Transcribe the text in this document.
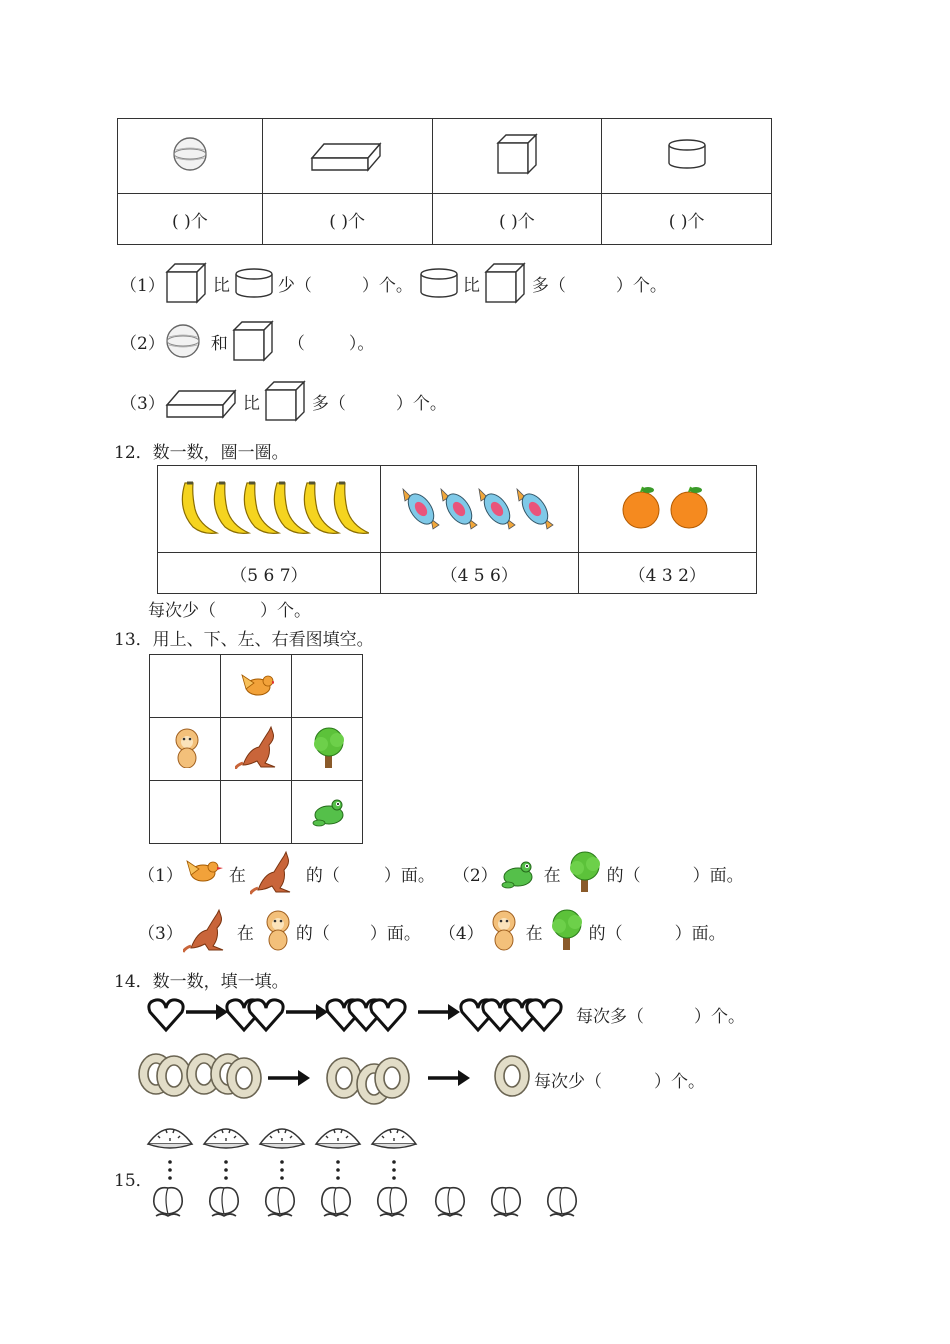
( )个	( )个	( )个	( )个
（1）	比	少（	）个。	比	多（	）个。
（2）	和	（	）。
（3）	比	多（	）个。
12．数一数，圈一圈。

（5 6 7）	（4 5 6）	（4 3 2）
每次少（	）个。
13．用上、下、左、右看图填空。

（1）	在	的（	）面。 （2）	在	的（	）面。
（3）	在 的（ ）面。 （4） 在	的（	）面。
14．数一数，填一填。
每次多（	）个。
每次少（	）个。
15．
